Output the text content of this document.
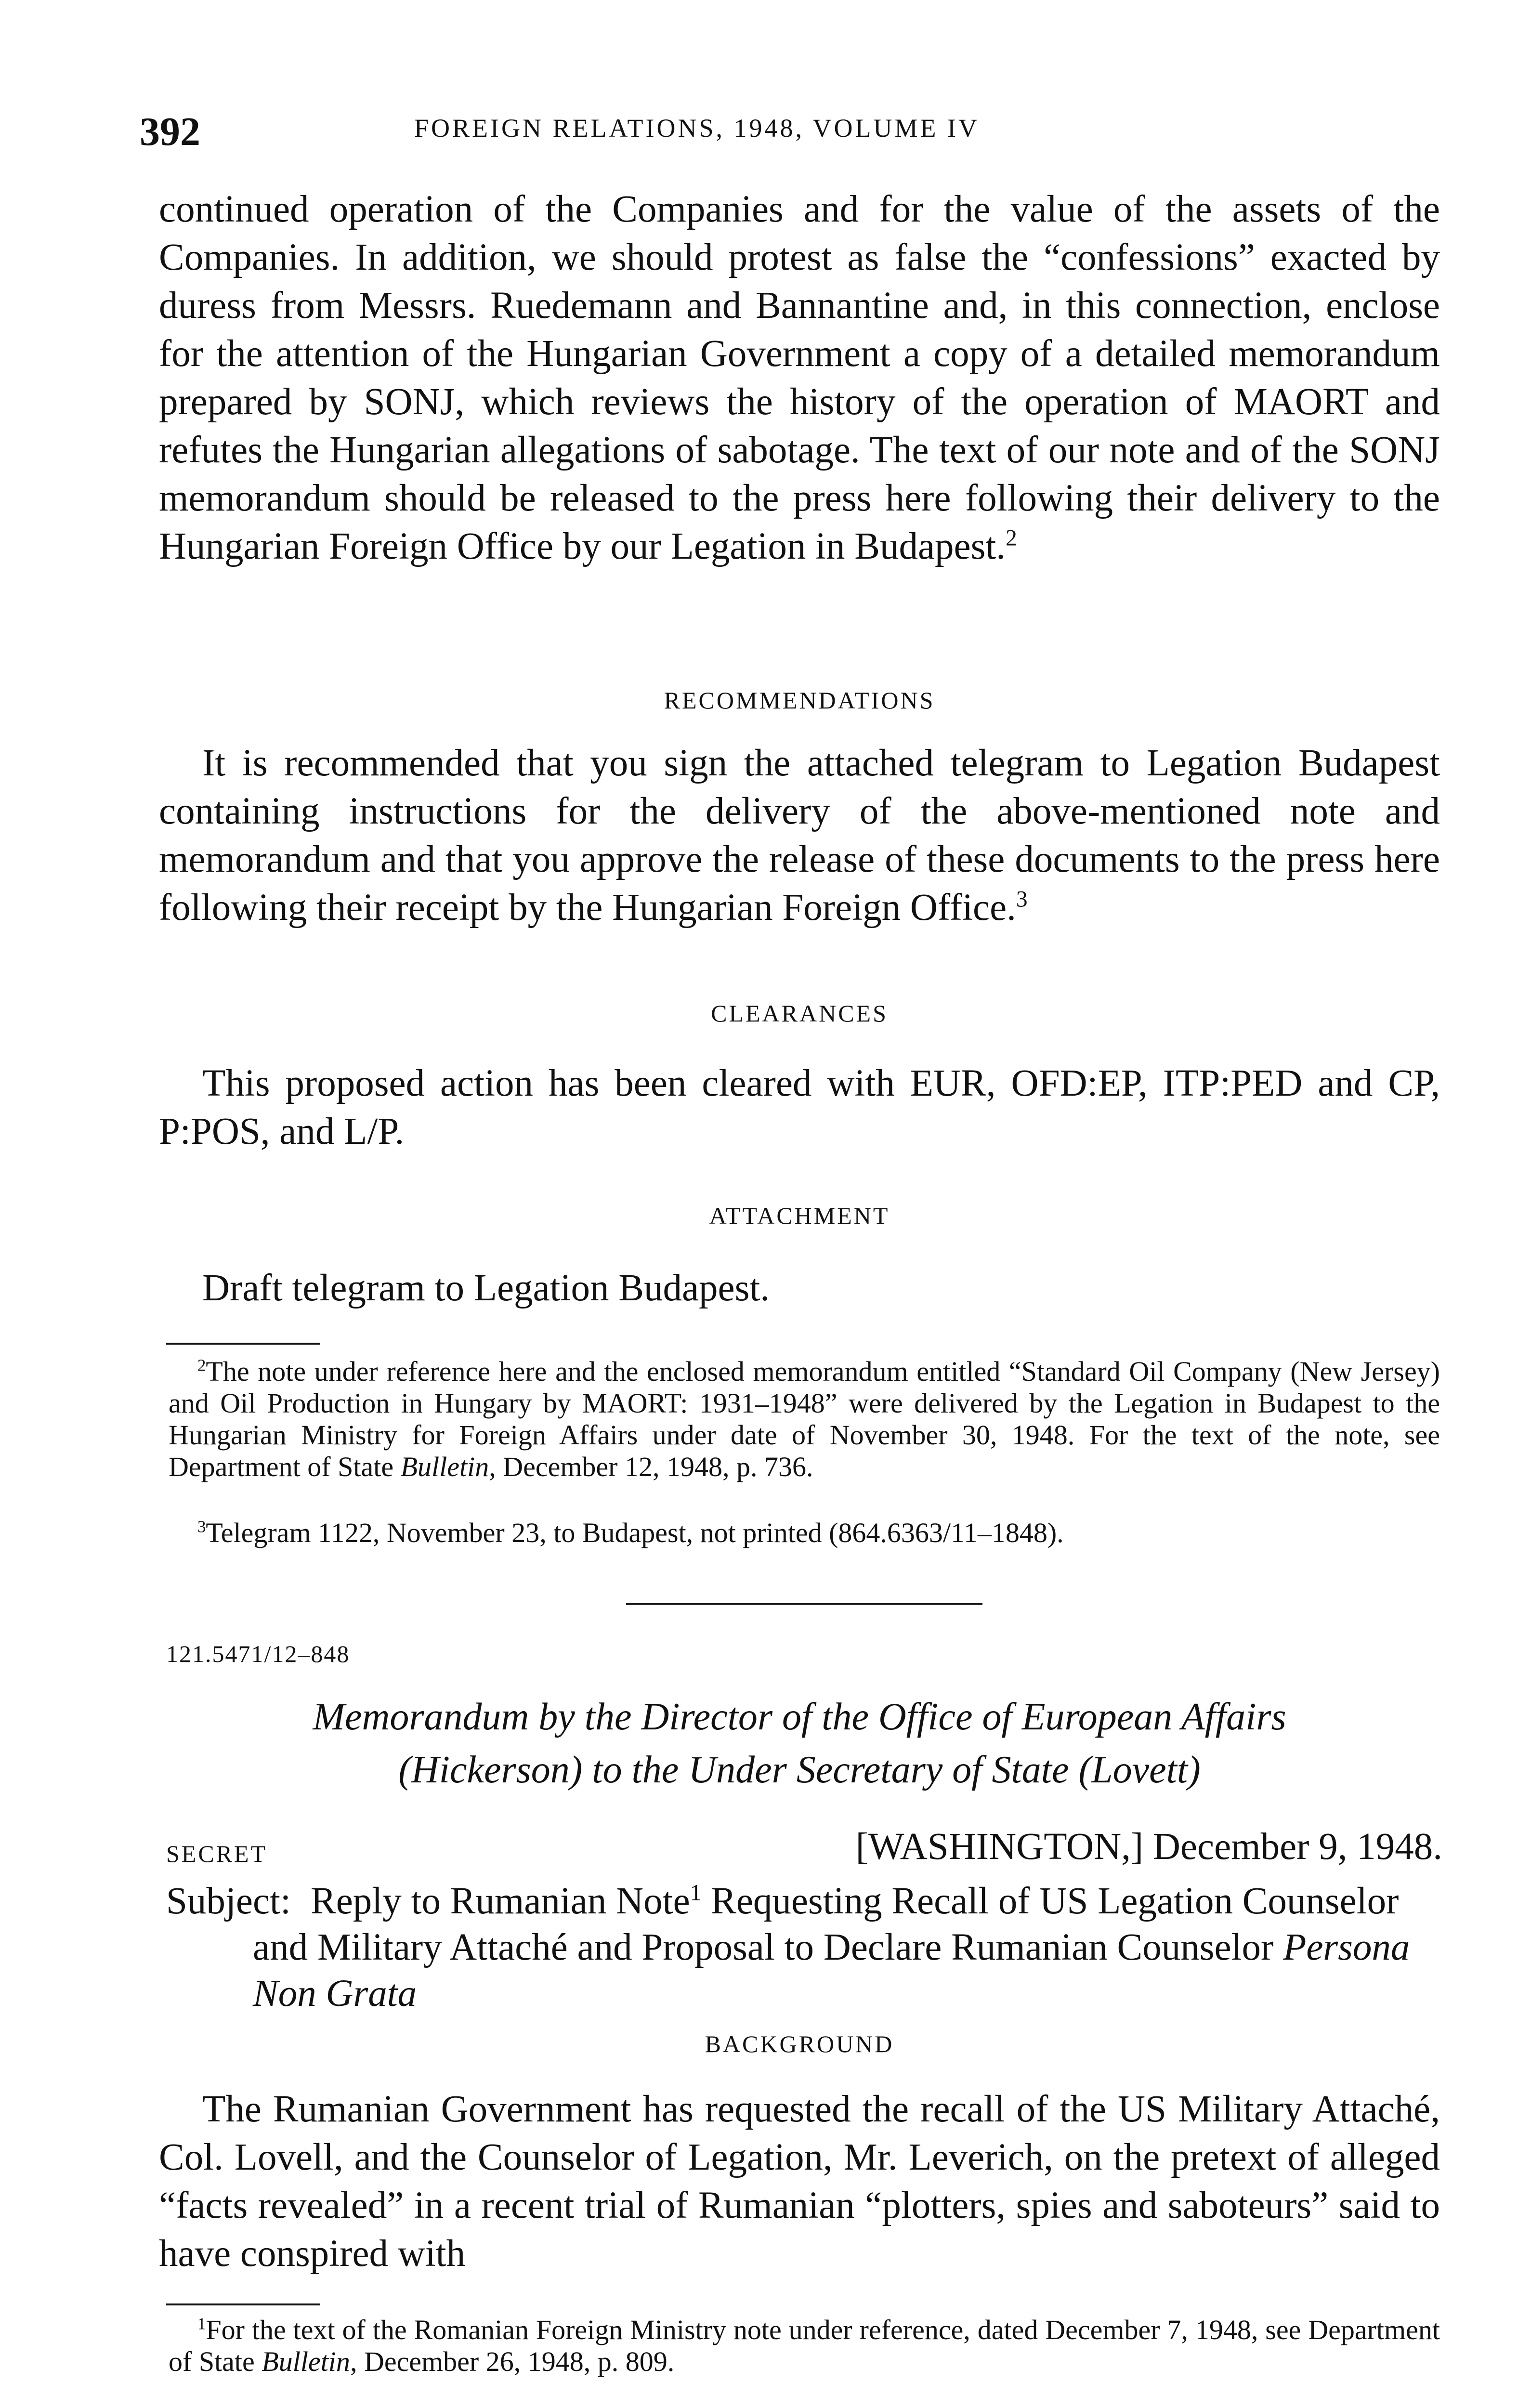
392	FOREIGN RELATIONS, 1948, VOLUME IV

continued operation of the Companies and for the value of the assets of the Companies. In addition, we should protest as false the “confessions” exacted by duress from Messrs. Ruedemann and Bannantine and, in this connection, enclose for the attention of the Hungarian Government a copy of a detailed memorandum prepared by SONJ, which reviews the history of the operation of MAORT and refutes the Hungarian allegations of sabotage. The text of our note and of the SONJ memorandum should be released to the press here following their delivery to the Hungarian Foreign Office by our Legation in Budapest.$^2$

RECOMMENDATIONS

It is recommended that you sign the attached telegram to Legation Budapest containing instructions for the delivery of the above-mentioned note and memorandum and that you approve the release of these documents to the press here following their receipt by the Hungarian Foreign Office.$^3$

CLEARANCES

This proposed action has been cleared with EUR, OFD:EP, ITP:PED and CP, P:POS, and L/P.

ATTACHMENT

Draft telegram to Legation Budapest.

$^2$The note under reference here and the enclosed memorandum entitled “Standard Oil Company (New Jersey) and Oil Production in Hungary by MAORT: 1931–1948” were delivered by the Legation in Budapest to the Hungarian Ministry for Foreign Affairs under date of November 30, 1948. For the text of the note, see Department of State Bulletin, December 12, 1948, p. 736.

$^3$Telegram 1122, November 23, to Budapest, not printed (864.6363/11–1848).

121.5471/12–848

Memorandum by the Director of the Office of European Affairs
(Hickerson) to the Under Secretary of State (Lovett)

SECRET	[WASHINGTON,] December 9, 1948.
Subject: Reply to Rumanian Note$^1$ Requesting Recall of US Legation Counselor and Military Attaché and Proposal to Declare Rumanian Counselor Persona Non Grata

BACKGROUND

The Rumanian Government has requested the recall of the US Military Attaché, Col. Lovell, and the Counselor of Legation, Mr. Leverich, on the pretext of alleged “facts revealed” in a recent trial of Rumanian “plotters, spies and saboteurs” said to have conspired with

$^1$For the text of the Romanian Foreign Ministry note under reference, dated December 7, 1948, see Department of State Bulletin, December 26, 1948, p. 809.
